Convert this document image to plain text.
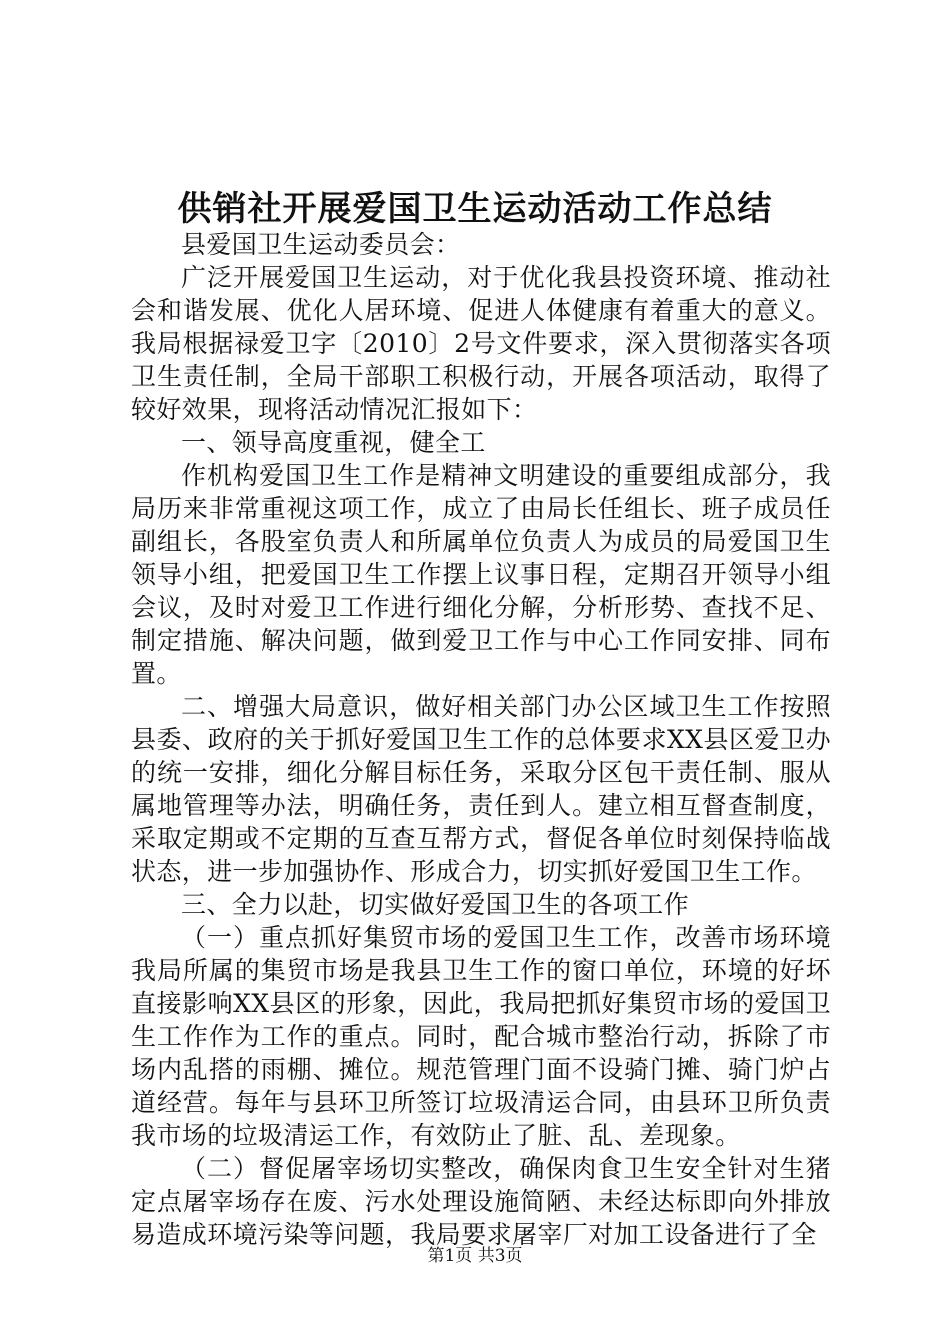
供销社开展爱国卫生运动活动工作总结

县爱国卫生运动委员会：

广泛开展爱国卫生运动，对于优化我县投资环境、推动社会和谐发展、优化人居环境、促进人体健康有着重大的意义。我局根据禄爱卫字〔2010〕2号文件要求，深入贯彻落实各项卫生责任制，全局干部职工积极行动，开展各项活动，取得了较好效果，现将活动情况汇报如下：

一、领导高度重视，健全工

作机构爱国卫生工作是精神文明建设的重要组成部分，我局历来非常重视这项工作，成立了由局长任组长、班子成员任副组长，各股室负责人和所属单位负责人为成员的局爱国卫生领导小组，把爱国卫生工作摆上议事日程，定期召开领导小组会议，及时对爱卫工作进行细化分解，分析形势、查找不足、制定措施、解决问题，做到爱卫工作与中心工作同安排、同布置。

二、增强大局意识，做好相关部门办公区域卫生工作按照县委、政府的关于抓好爱国卫生工作的总体要求XX县区爱卫办的统一安排，细化分解目标任务，采取分区包干责任制、服从属地管理等办法，明确任务，责任到人。建立相互督查制度，采取定期或不定期的互查互帮方式，督促各单位时刻保持临战状态，进一步加强协作、形成合力，切实抓好爱国卫生工作。

三、全力以赴，切实做好爱国卫生的各项工作

（一）重点抓好集贸市场的爱国卫生工作，改善市场环境我局所属的集贸市场是我县卫生工作的窗口单位，环境的好坏直接影响XX县区的形象，因此，我局把抓好集贸市场的爱国卫生工作作为工作的重点。同时，配合城市整治行动，拆除了市场内乱搭的雨棚、摊位。规范管理门面不设骑门摊、骑门炉占道经营。每年与县环卫所签订垃圾清运合同，由县环卫所负责我市场的垃圾清运工作，有效防止了脏、乱、差现象。

（二）督促屠宰场切实整改，确保肉食卫生安全针对生猪定点屠宰场存在废、污水处理设施简陋、未经达标即向外排放易造成环境污染等问题，我局要求屠宰厂对加工设备进行了全

第1页 共3页
